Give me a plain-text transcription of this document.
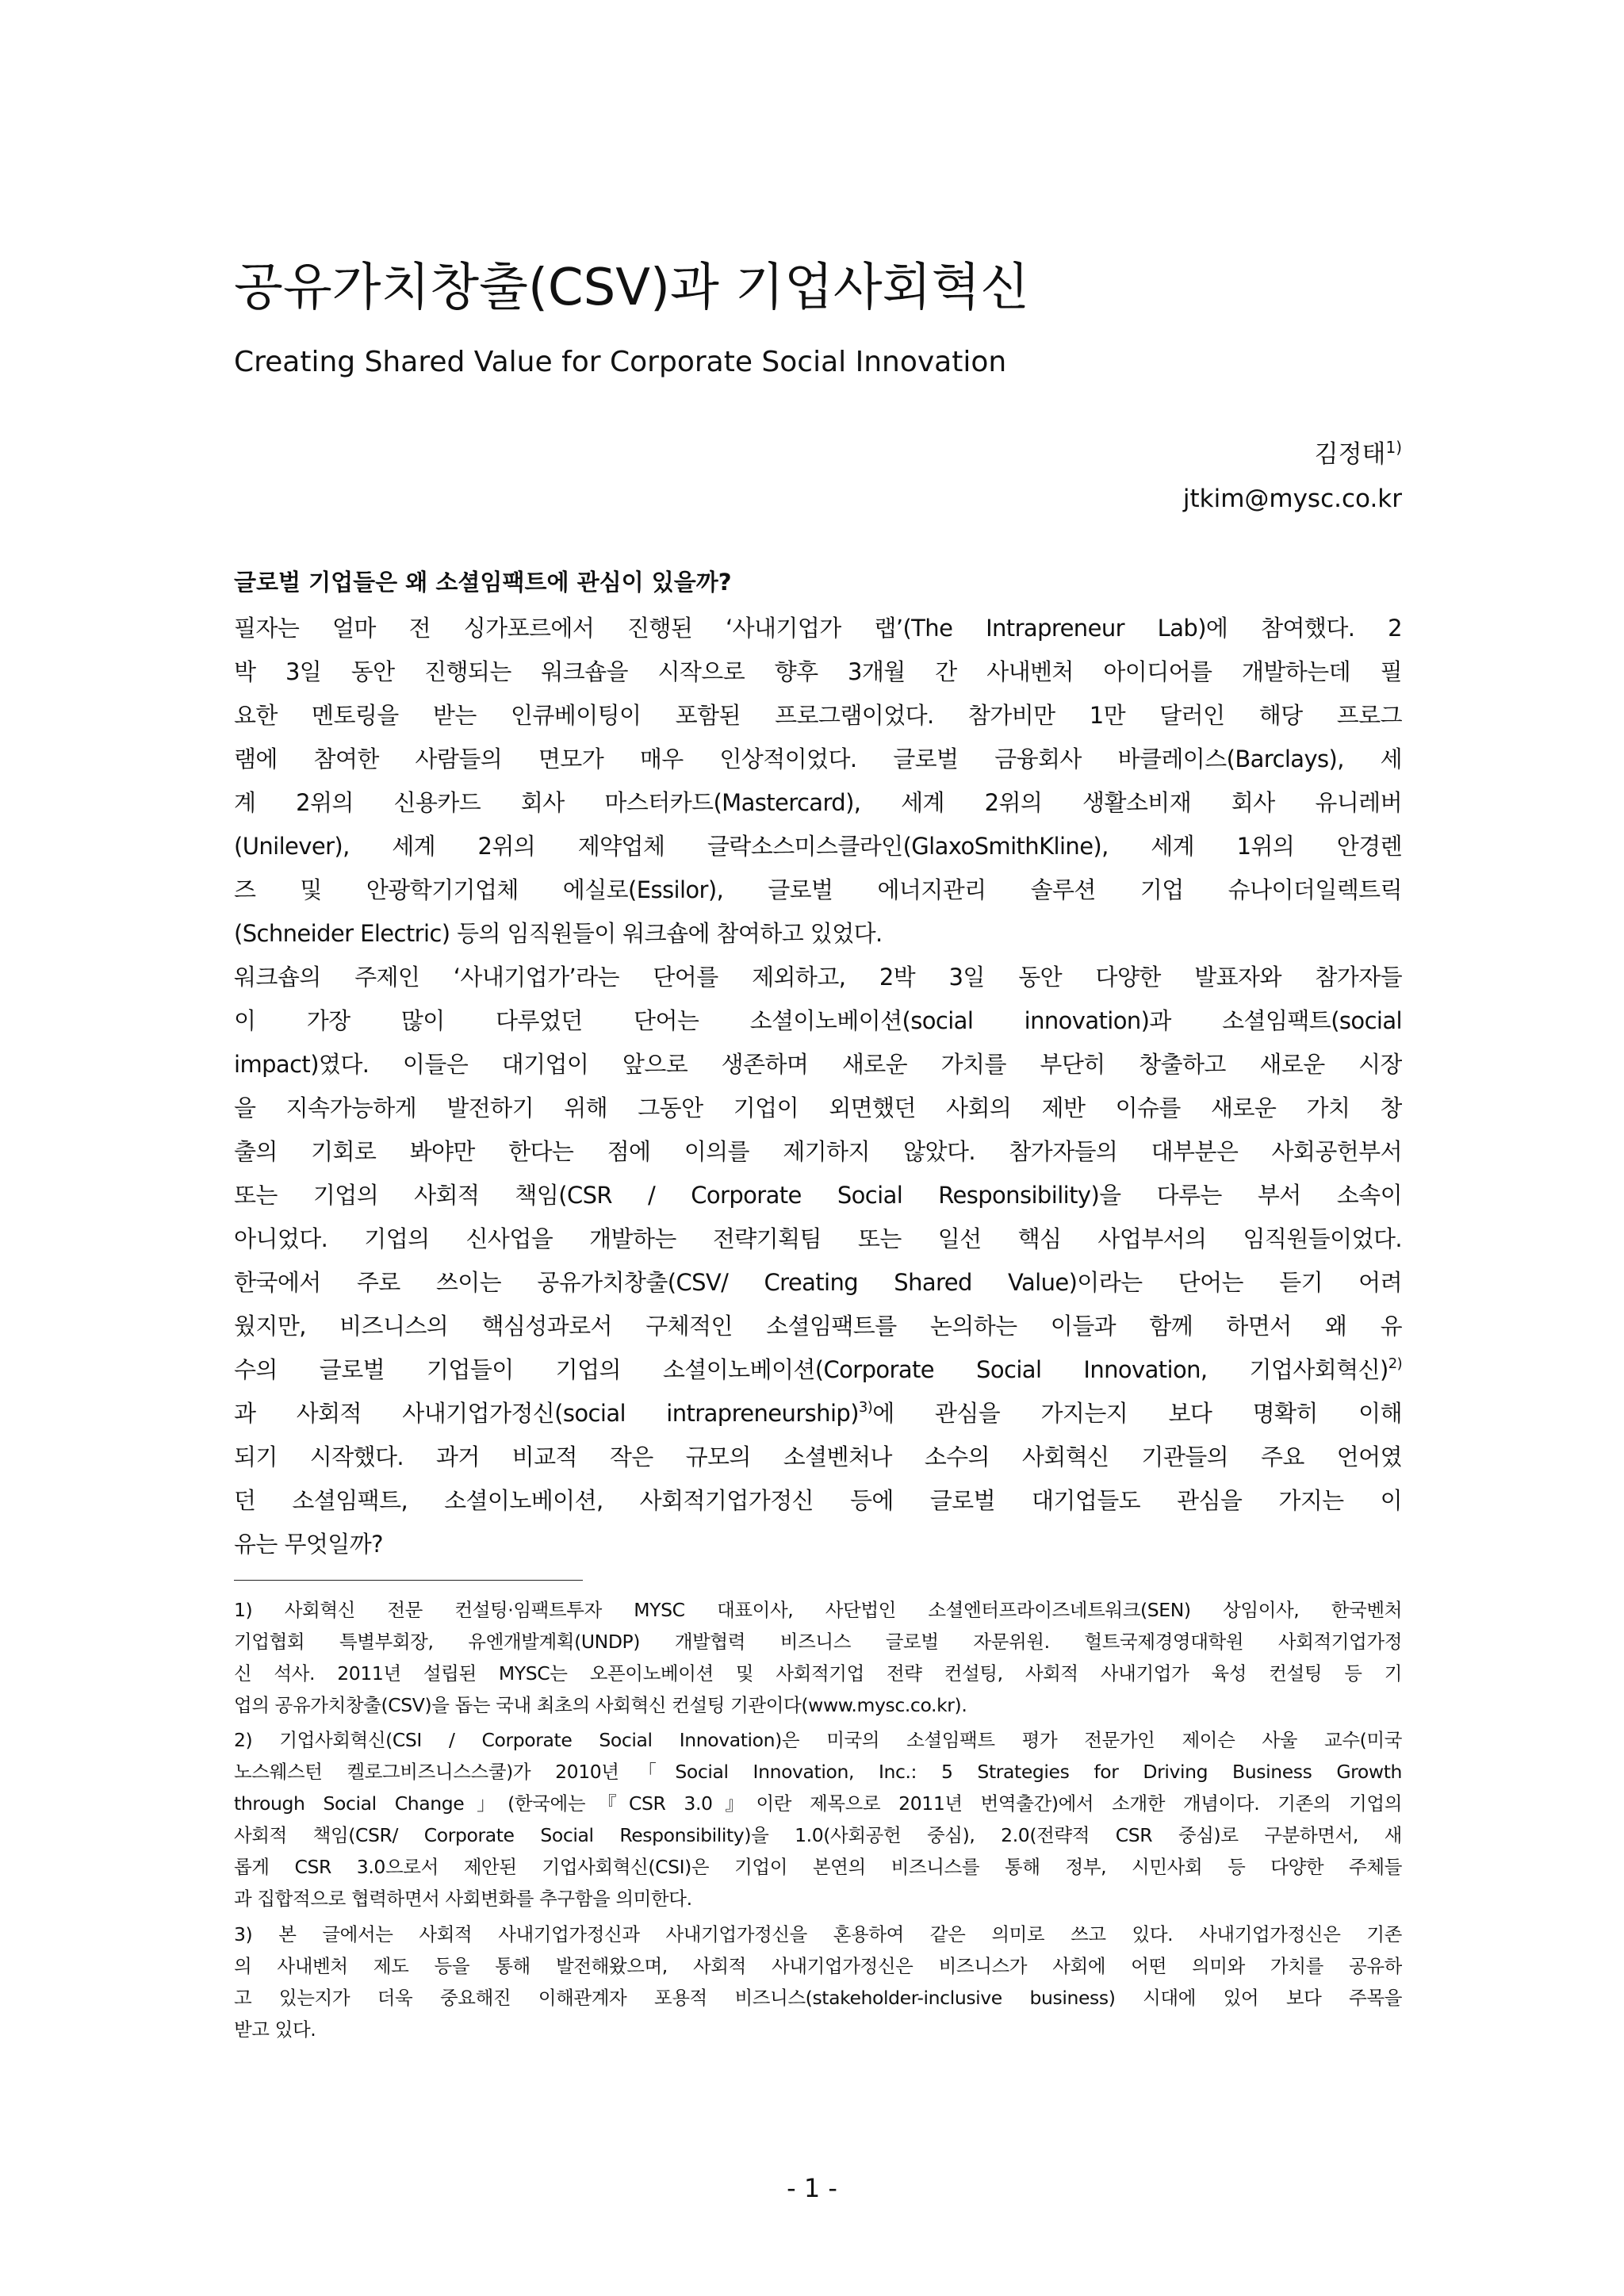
공유가치창출(CSV)과 기업사회혁신
Creating Shared Value for Corporate Social Innovation
김정태$^{1)}$
jtkim@mysc.co.kr
글로벌 기업들은 왜 소셜임팩트에 관심이 있을까?
필자는 얼마 전 싱가포르에서 진행된 ‘사내기업가 랩’(The Intrapreneur Lab)에 참여했다. 2
박 3일 동안 진행되는 워크숍을 시작으로 향후 3개월 간 사내벤처 아이디어를 개발하는데 필
요한 멘토링을 받는 인큐베이팅이 포함된 프로그램이었다. 참가비만 1만 달러인 해당 프로그
램에 참여한 사람들의 면모가 매우 인상적이었다. 글로벌 금융회사 바클레이스(Barclays), 세
계 2위의 신용카드 회사 마스터카드(Mastercard), 세계 2위의 생활소비재 회사 유니레버
(Unilever), 세계 2위의 제약업체 글락소스미스클라인(GlaxoSmithKline), 세계 1위의 안경렌
즈 및 안광학기기업체 에실로(Essilor), 글로벌 에너지관리 솔루션 기업 슈나이더일렉트릭
(Schneider Electric) 등의 임직원들이 워크숍에 참여하고 있었다.
워크숍의 주제인 ‘사내기업가’라는 단어를 제외하고, 2박 3일 동안 다양한 발표자와 참가자들
이 가장 많이 다루었던 단어는 소셜이노베이션(social innovation)과 소셜임팩트(social
impact)였다. 이들은 대기업이 앞으로 생존하며 새로운 가치를 부단히 창출하고 새로운 시장
을 지속가능하게 발전하기 위해 그동안 기업이 외면했던 사회의 제반 이슈를 새로운 가치 창
출의 기회로 봐야만 한다는 점에 이의를 제기하지 않았다. 참가자들의 대부분은 사회공헌부서
또는 기업의 사회적 책임(CSR / Corporate Social Responsibility)을 다루는 부서 소속이
아니었다. 기업의 신사업을 개발하는 전략기획팀 또는 일선 핵심 사업부서의 임직원들이었다.
한국에서 주로 쓰이는 공유가치창출(CSV/ Creating Shared Value)이라는 단어는 듣기 어려
웠지만, 비즈니스의 핵심성과로서 구체적인 소셜임팩트를 논의하는 이들과 함께 하면서 왜 유
수의 글로벌 기업들이 기업의 소셜이노베이션(Corporate Social Innovation, 기업사회혁신)$^{2)}$
과 사회적 사내기업가정신(social intrapreneurship)$^{3)}$에 관심을 가지는지 보다 명확히 이해
되기 시작했다. 과거 비교적 작은 규모의 소셜벤처나 소수의 사회혁신 기관들의 주요 언어였
던 소셜임팩트, 소셜이노베이션, 사회적기업가정신 등에 글로벌 대기업들도 관심을 가지는 이
유는 무엇일까?
1) 사회혁신 전문 컨설팅·임팩트투자 MYSC 대표이사, 사단법인 소셜엔터프라이즈네트워크(SEN) 상임이사, 한국벤처
기업협회 특별부회장, 유엔개발계획(UNDP) 개발협력 비즈니스 글로벌 자문위원. 헐트국제경영대학원 사회적기업가정
신 석사. 2011년 설립된 MYSC는 오픈이노베이션 및 사회적기업 전략 컨설팅, 사회적 사내기업가 육성 컨설팅 등 기
업의 공유가치창출(CSV)을 돕는 국내 최초의 사회혁신 컨설팅 기관이다(www.mysc.co.kr).
2) 기업사회혁신(CSI / Corporate Social Innovation)은 미국의 소셜임팩트 평가 전문가인 제이슨 사울 교수(미국
노스웨스턴 켈로그비즈니스스쿨)가 2010년「Social Innovation, Inc.: 5 Strategies for Driving Business Growth
through Social Change」(한국에는『CSR 3.0』이란 제목으로 2011년 번역출간)에서 소개한 개념이다. 기존의 기업의
사회적 책임(CSR/ Corporate Social Responsibility)을 1.0(사회공헌 중심), 2.0(전략적 CSR 중심)로 구분하면서, 새
롭게 CSR 3.0으로서 제안된 기업사회혁신(CSI)은 기업이 본연의 비즈니스를 통해 정부, 시민사회 등 다양한 주체들
과 집합적으로 협력하면서 사회변화를 추구함을 의미한다.
3) 본 글에서는 사회적 사내기업가정신과 사내기업가정신을 혼용하여 같은 의미로 쓰고 있다. 사내기업가정신은 기존
의 사내벤처 제도 등을 통해 발전해왔으며, 사회적 사내기업가정신은 비즈니스가 사회에 어떤 의미와 가치를 공유하
고 있는지가 더욱 중요해진 이해관계자 포용적 비즈니스(stakeholder-inclusive business) 시대에 있어 보다 주목을
받고 있다.
- 1 -
